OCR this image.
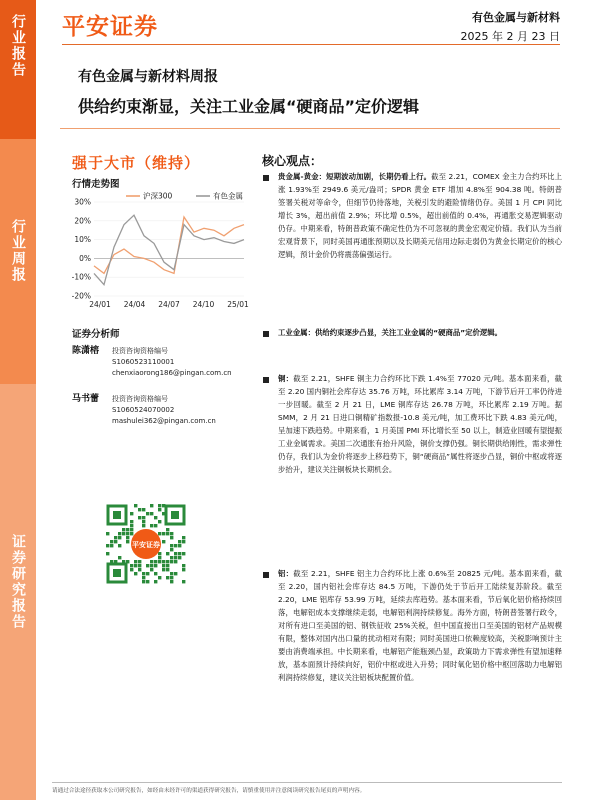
行业报告
行业周报
证券研究报告
平安证券	有色金属与新材料
2025 年 2 月 23 日
有色金属与新材料周报
供给约束渐显，关注工业金属“硬商品”定价逻辑
强于大市（维持）
行情走势图
30%
20%
10%
0%
-10%
-20%
24/01 24/04 24/07 24/10 25/01
沪深300	有色金属
证券分析师
陈潇榕	投资咨询资格编号
S1060523110001
chenxiaorong186@pingan.com.cn
马书蕾	投资咨询资格编号
S1060524070002
mashulei362@pingan.com.cn
平安证券
核心观点：
贵金属-黄金：短期波动加剧，长期仍看上行。截至 2.21，COMEX 金主力合约环比上涨 1.93%至 2949.6 美元/盎司；SPDR 黄金 ETF 增加 4.8%至 904.38 吨。特朗普签署关税对等命令，但细节仍待落地，关税引发的避险情绪仍存。美国 1 月 CPI 同比增长 3%，超出前值 2.9%；环比增 0.5%，超出前值的 0.4%，再通胀交易逻辑驱动仍存。中期来看，特朗普政策不确定性仍为不可忽视的黄金宏观定价锚。我们认为当前宏观背景下，同时美国再通胀预期以及长期美元信用边际走弱仍为黄金长期定价的核心逻辑，预计金价仍将震荡偏强运行。
工业金属：供给约束逐步凸显，关注工业金属的“硬商品”定价逻辑。
铜：截至 2.21，SHFE 铜主力合约环比下跌 1.4%至 77020 元/吨。基本面来看，截至 2.20 国内铜社会库存达 35.76 万吨，环比累库 3.14 万吨，下游节后开工率仍待进一步回暖。截至 2 月 21 日，LME 铜库存达 26.78 万吨，环比累库 2.19 万吨。据 SMM，2 月 21 日进口铜精矿指数报-10.8 美元/吨，加工费环比下跌 4.83 美元/吨，呈加速下跌趋势。中期来看，1 月美国 PMI 环比增长至 50 以上，制造业回暖有望提振工业金属需求。美国二次通胀有抬升风险，铜价支撑仍强。铜长期供给刚性，需求弹性仍存，我们认为金价将逐步上移趋势下，铜“硬商品”属性将逐步凸显，铜价中枢或将逐步抬升，建议关注铜板块长期机会。
铝：截至 2.21，SHFE 铝主力合约环比上涨 0.6%至 20825 元/吨。基本面来看，截至 2.20，国内铝社会库存达 84.5 万吨，下游仍处于节后开工陆续复苏阶段。截至 2.20，LME 铝库存 53.99 万吨，延续去库趋势。基本面来看，节后氧化铝价格持续回落，电解铝成本支撑继续走弱，电解铝利润持续修复。海外方面，特朗普签署行政令，对所有进口至美国的铝、钢铁征收 25%关税，但中国直接出口至美国的铝材产品规模有限，整体对国内出口量的扰动相对有限；同时美国进口依赖度较高，关税影响预计主要由消费端承担。中长期来看，电解铝产能瓶颈凸显，政策助力下需求弹性有望加速释放，基本面预计持续向好，铝价中枢或进入升势；同时氧化铝价格中枢回落助力电解铝利润持续修复，建议关注铝板块配置价值。
请通过合法途径获取本公司研究报告，如经由未经许可的渠道获得研究报告，请慎重使用并注意阅读研究报告尾页的声明内容。
